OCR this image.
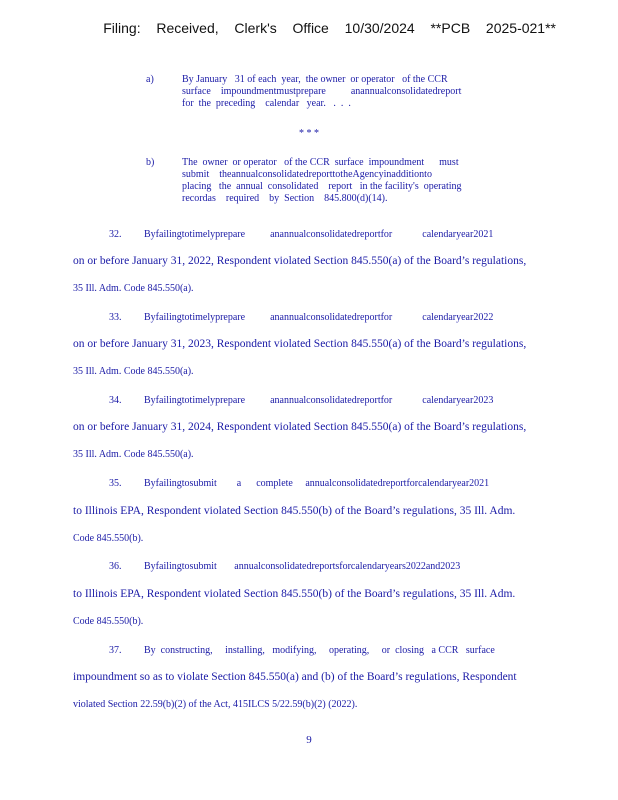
Filing:  Received,  Clerk's  Office  10/30/2024  **PCB  2025-021**
a)	By January   31 of each  year,  the owner  or operator   of the CCR
surface    impoundmentmustprepare          anannualconsolidatedreport
for  the  preceding    calendar   year.   .  .  .
* * *
b)	The  owner  or operator   of the CCR  surface  impoundment      must
submit    theannualconsolidatedreporttotheAgencyinadditionto
placing   the  annual  consolidated    report   in the facility's  operating
recordas    required    by  Section    845.800(d)(14).
32. Byfailingtotimelyprepare          anannualconsolidatedreportfor            calendaryear2021
on or before January 31, 2022, Respondent violated Section 845.550(a) of the Board’s regulations,
35 Ill. Adm. Code 845.550(a).
33. Byfailingtotimelyprepare          anannualconsolidatedreportfor            calendaryear2022
on or before January 31, 2023, Respondent violated Section 845.550(a) of the Board’s regulations,
35 Ill. Adm. Code 845.550(a).
34. Byfailingtotimelyprepare          anannualconsolidatedreportfor            calendaryear2023
on or before January 31, 2024, Respondent violated Section 845.550(a) of the Board’s regulations,
35 Ill. Adm. Code 845.550(a).
35. Byfailingtosubmit        a      complete     annualconsolidatedreportforcalendaryear2021
to Illinois EPA, Respondent violated Section 845.550(b) of the Board’s regulations, 35 Ill. Adm.
Code 845.550(b).
36. Byfailingtosubmit       annualconsolidatedreportsforcalendaryears2022and2023
to Illinois EPA, Respondent violated Section 845.550(b) of the Board’s regulations, 35 Ill. Adm.
Code 845.550(b).
37. By  constructing,     installing,   modifying,     operating,     or  closing   a CCR   surface
impoundment so as to violate Section 845.550(a) and (b) of the Board’s regulations, Respondent
violated Section 22.59(b)(2) of the Act, 415ILCS 5/22.59(b)(2) (2022).
9
